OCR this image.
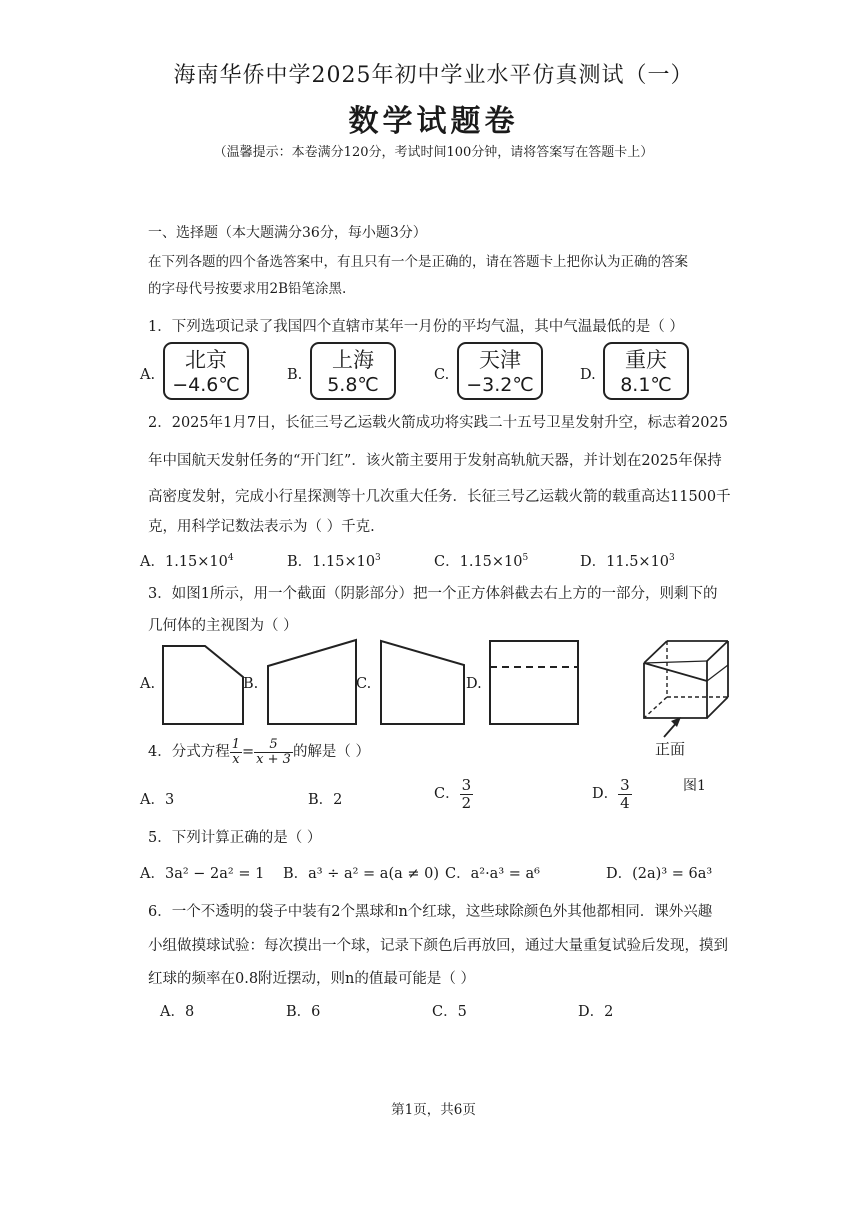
海南华侨中学2025年初中学业水平仿真测试（一）
数学试题卷
（温馨提示：本卷满分120分，考试时间100分钟，请将答案写在答题卡上）
一、选择题（本大题满分36分，每小题3分）
在下列各题的四个备选答案中，有且只有一个是正确的，请在答题卡上把你认为正确的答案
的字母代号按要求用2B铅笔涂黑.
1．下列选项记录了我国四个直辖市某年一月份的平均气温，其中气温最低的是（ ）
A.
北京
−4.6℃	B.
上海
5.8℃	C.
天津
−3.2℃	D.
重庆
8.1℃
2．2025年1月7日，长征三号乙运载火箭成功将实践二十五号卫星发射升空，标志着2025
年中国航天发射任务的“开门红”．该火箭主要用于发射高轨航天器，并计划在2025年保持
高密度发射，完成小行星探测等十几次重大任务．长征三号乙运载火箭的载重高达11500千
克，用科学记数法表示为（ ）千克.
A．$1.15\times 10^4$	B．$1.15\times 10^3$	C．$1.15\times 10^5$	D．$11.5\times 10^3$
3．如图1所示，用一个截面（阴影部分）把一个正方体斜截去右上方的一部分，则剩下的
几何体的主视图为（ ）
A.	B.	C.	D.
正面
4．分式方程 $\frac{1}{x} = \frac{5}{x + 3}$ 的解是（ ）
图1
A．3	B．2	C． $\frac{3}{2}$	D． $\frac{3}{4}$
5．下列计算正确的是（ ）
A．3a² − 2a² = 1 B．a³ ÷ a² = a(a ≠ 0) C．a²·a³ = a⁶	D．(2a)³ = 6a³
6．一个不透明的袋子中装有2个黑球和n个红球，这些球除颜色外其他都相同．课外兴趣
小组做摸球试验：每次摸出一个球，记录下颜色后再放回，通过大量重复试验后发现，摸到
红球的频率在0.8附近摆动，则n的值最可能是（ ）
A．8	B．6	C．5	D．2
第1页，共6页
